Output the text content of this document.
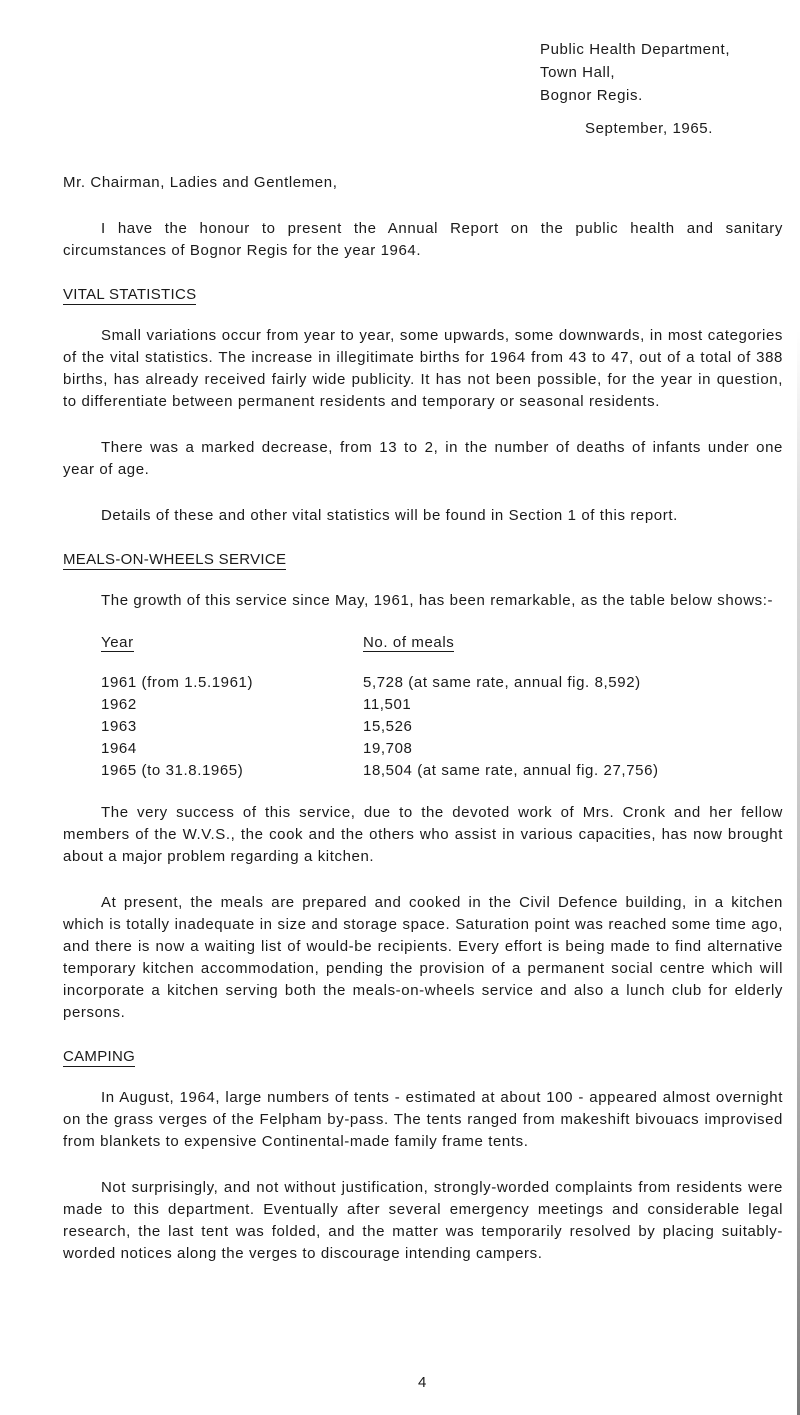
Public Health Department,
Town Hall,
Bognor Regis.
September, 1965.

Mr. Chairman, Ladies and Gentlemen,

I have the honour to present the Annual Report on the public health and sanitary circumstances of Bognor Regis for the year 1964.

VITAL STATISTICS

Small variations occur from year to year, some upwards, some downwards, in most categories of the vital statistics. The increase in illegitimate births for 1964 from 43 to 47, out of a total of 388 births, has already received fairly wide publicity. It has not been possible, for the year in question, to differentiate between permanent residents and temporary or seasonal residents.

There was a marked decrease, from 13 to 2, in the number of deaths of infants under one year of age.

Details of these and other vital statistics will be found in Section 1 of this report.

MEALS-ON-WHEELS SERVICE

The growth of this service since May, 1961, has been remarkable, as the table below shows:-

Year	No. of meals
1961 (from 1.5.1961)	5,728 (at same rate, annual fig. 8,592)
1962	11,501
1963	15,526
1964	19,708
1965 (to 31.8.1965)	18,504 (at same rate, annual fig. 27,756)

The very success of this service, due to the devoted work of Mrs. Cronk and her fellow members of the W.V.S., the cook and the others who assist in various capacities, has now brought about a major problem regarding a kitchen.

At present, the meals are prepared and cooked in the Civil Defence building, in a kitchen which is totally inadequate in size and storage space. Saturation point was reached some time ago, and there is now a waiting list of would-be recipients. Every effort is being made to find alternative temporary kitchen accommodation, pending the provision of a permanent social centre which will incorporate a kitchen serving both the meals-on-wheels service and also a lunch club for elderly persons.

CAMPING

In August, 1964, large numbers of tents - estimated at about 100 - appeared almost overnight on the grass verges of the Felpham by-pass. The tents ranged from makeshift bivouacs improvised from blankets to expensive Continental-made family frame tents.

Not surprisingly, and not without justification, strongly-worded complaints from residents were made to this department. Eventually after several emergency meetings and considerable legal research, the last tent was folded, and the matter was temporarily resolved by placing suitably-worded notices along the verges to discourage intending campers.

4
